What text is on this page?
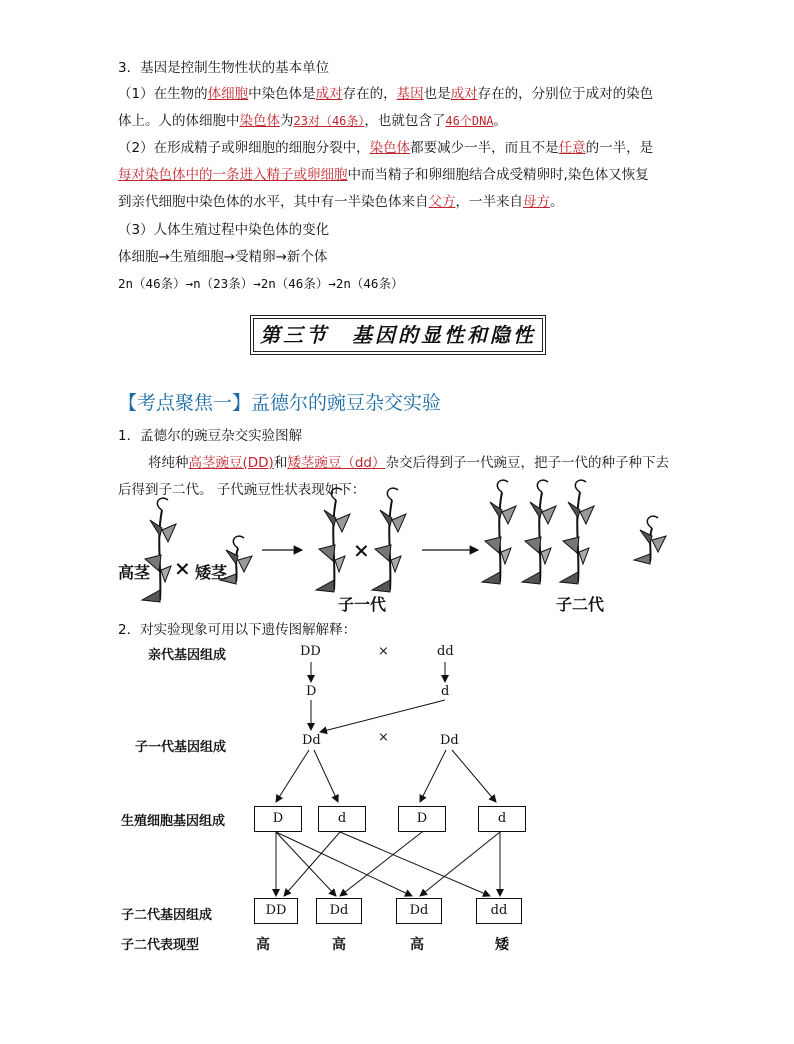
3．基因是控制生物性状的基本单位
（1）在生物的体细胞中染色体是成对存在的，基因也是成对存在的，分别位于成对的染色
体上。人的体细胞中染色体为23对（46条），也就包含了46个DNA。
（2）在形成精子或卵细胞的细胞分裂中，染色体都要减少一半，而且不是任意的一半，是
每对染色体中的一条进入精子或卵细胞中而当精子和卵细胞结合成受精卵时,染色体又恢复
到亲代细胞中染色体的水平，其中有一半染色体来自父方，一半来自母方。
（3）人体生殖过程中染色体的变化
体细胞→生殖细胞→受精卵→新个体
2n（46条）→n（23条）→2n（46条）→2n（46条）
第三节　基因的显性和隐性
【考点聚焦一】孟德尔的豌豆杂交实验
1．孟德尔的豌豆杂交实验图解
将纯种高茎豌豆(DD)和矮茎豌豆（dd）杂交后得到子一代豌豆，把子一代的种子种下去
后得到子二代。 子代豌豆性状表现如下：
高茎 × 矮茎
×
子一代	子二代
2．对实验现象可用以下遗传图解解释：
亲代基因组成
子一代基因组成
生殖细胞基因组成
子二代基因组成
子二代表现型
DD	×	dd
D	d
Dd	×	Dd
D	d	D	d
DD	Dd	Dd	dd
高	高	高	矮
